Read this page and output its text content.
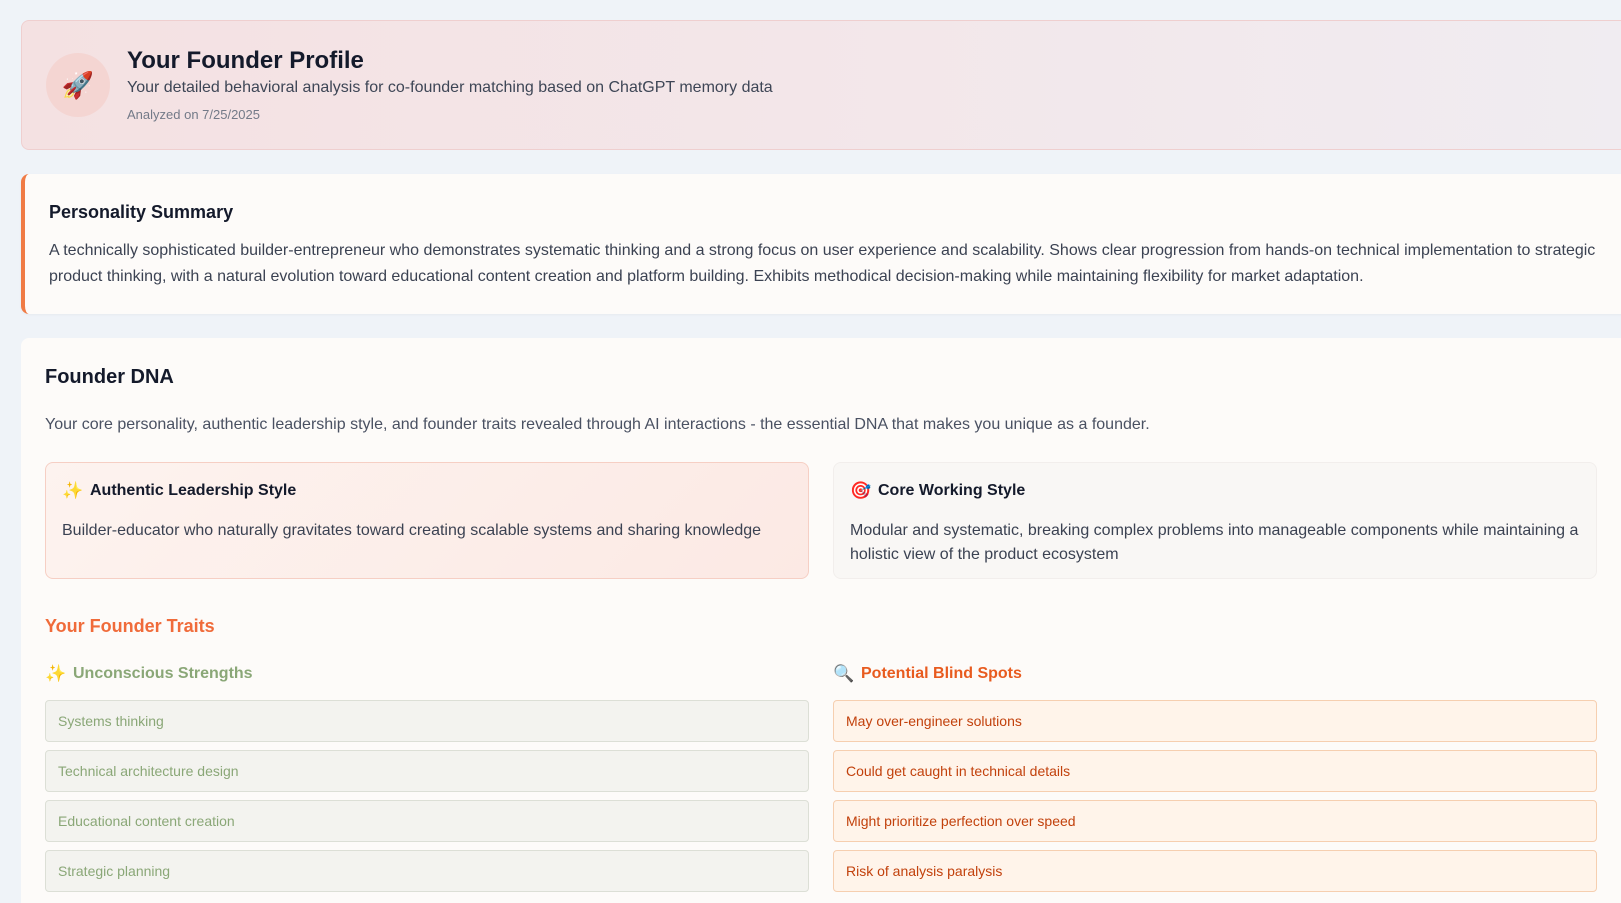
🚀
Your Founder Profile
Your detailed behavioral analysis for co-founder matching based on ChatGPT memory data
Analyzed on 7/25/2025
Personality Summary
A technically sophisticated builder-entrepreneur who demonstrates systematic thinking and a strong focus on user experience and scalability. Shows clear progression from hands-on technical implementation to strategic product thinking, with a natural evolution toward educational content creation and platform building. Exhibits methodical decision-making while maintaining flexibility for market adaptation.
Founder DNA
Your core personality, authentic leadership style, and founder traits revealed through AI interactions - the essential DNA that makes you unique as a founder.
✨ Authentic Leadership Style
Builder-educator who naturally gravitates toward creating scalable systems and sharing knowledge
🎯 Core Working Style
Modular and systematic, breaking complex problems into manageable components while maintaining a holistic view of the product ecosystem
Your Founder Traits
✨ Unconscious Strengths	🔍 Potential Blind Spots
Systems thinking
Technical architecture design
Educational content creation
Strategic planning
May over-engineer solutions
Could get caught in technical details
Might prioritize perfection over speed
Risk of analysis paralysis
